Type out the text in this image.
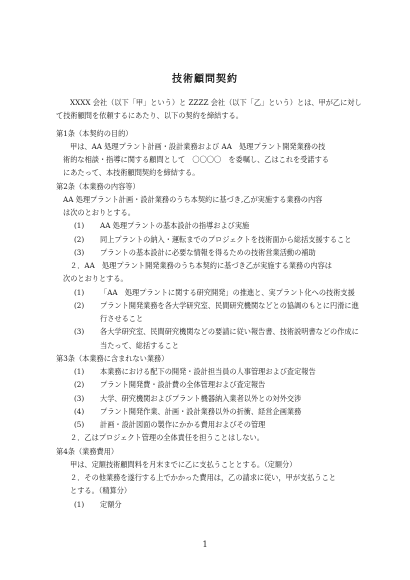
技術顧問契約
XXXX 会社（以下「甲」という）と ZZZZ 会社（以下「乙」という）とは、甲が乙に対し
て技術顧問を依頼するにあたり、以下の契約を締結する。
第1条（本契約の目的）
甲は、AA 処理プラント計画・設計業務および AA　処理プラント開発業務の技
術的な相談・指導に関する顧問として　〇〇〇〇　を委嘱し、乙はこれを受諾する
にあたって、本技術顧問契約を締結する。
第2条（本業務の内容等）
AA 処理プラント計画・設計業務のうち本契約に基づき,乙が実施する業務の内容
は次のとおりとする。
(1)	AA 処理プラントの基本設計の指導および実施
(2)	同上プラントの納入・運転までのプロジェクトを技術面から総括支援すること
(3)	プラントの基本設計に必要な情報を得るための技術営業活動の補助
２．AA　処理プラント開発業務のうち本契約に基づき乙が実施する業務の内容は
次のとおりとする。
(1)	「AA　処理プラントに関する研究開発」の推進と、実プラント化への技術支援
(2)	プラント開発業務を各大学研究室、民間研究機関などとの協調のもとに円滑に進行させること
(3)	各大学研究室、民間研究機関などの要請に従い報告書、技術説明書などの作成に当たって、総括すること
第3条（本業務に含まれない業務）
(1)	本業務における配下の開発・設計担当員の人事管理および査定報告
(2)	プラント開発費・設計費の全体管理および査定報告
(3)	大学、研究機関およびプラント機器納入業者以外との対外交渉
(4)	プラント開発作業、計画・設計業務以外の折衝、経営企画業務
(5)	計画・設計図面の製作にかかる費用およびその管理
２．乙はプロジェクト管理の全体責任を担うことはしない。
第4条（業務費用）
甲は、定額技術顧問料を月末までに乙に支払うこととする。（定額分）
２．その他業務を遂行する上でかかった費用は，乙の請求に従い，甲が支払うこと
とする。（精算分）
(1)	定額分
1
